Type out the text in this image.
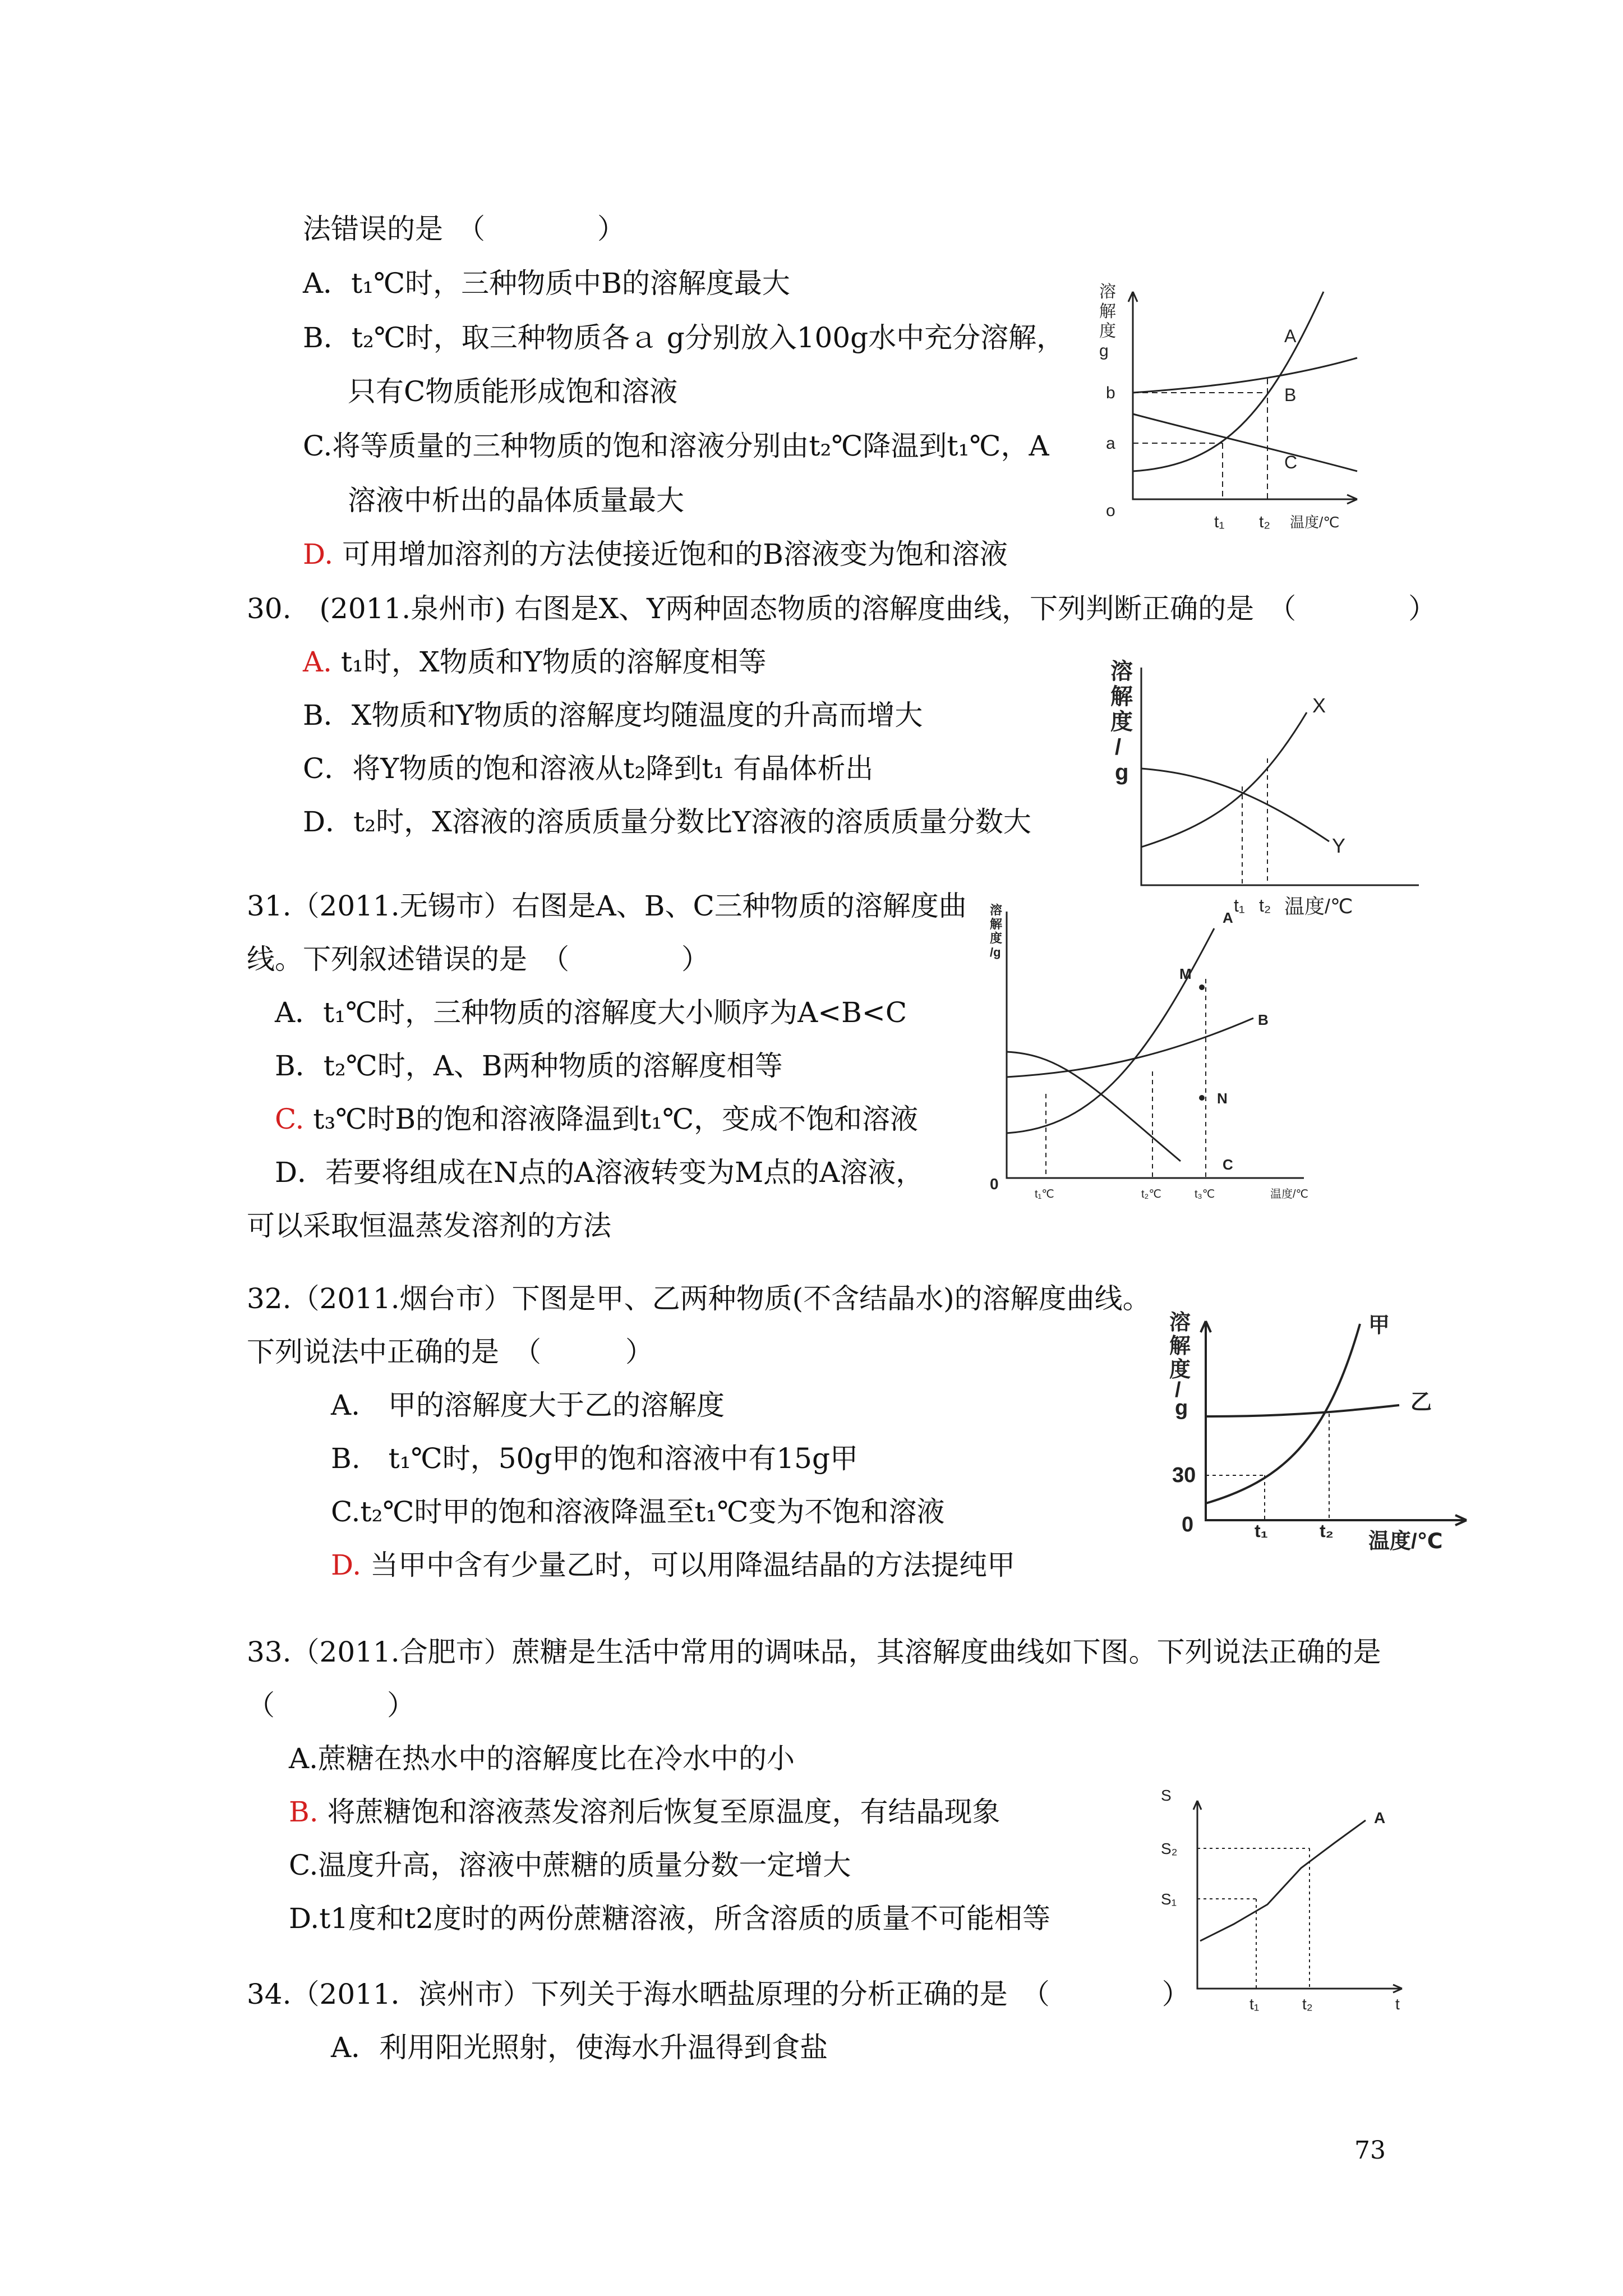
法错误的是　（　　　　）
A．t₁℃时，三种物质中B的溶解度最大
B．t₂℃时，取三种物质各ａ g分别放入100g水中充分溶解，
只有C物质能形成饱和溶液
C.将等质量的三种物质的饱和溶液分别由t₂℃降温到t₁℃，A
溶液中析出的晶体质量最大
D. 可用增加溶剂的方法使接近饱和的B溶液变为饱和溶液
溶
解
度
g
b
a
o
t₁ t₂ 温度/℃
A
B
C
30.　(2011.泉州市) 右图是X、Y两种固态物质的溶解度曲线，下列判断正确的是　（　　　　）
A. t₁时，X物质和Y物质的溶解度相等
B．X物质和Y物质的溶解度均随温度的升高而增大
C．将Y物质的饱和溶液从t₂降到t₁ 有晶体析出
D．t₂时，X溶液的溶质质量分数比Y溶液的溶质质量分数大
溶
解
度
/
g
t₁ t₂ 温度/℃
X
Y
31.（2011.无锡市）右图是A、B、C三种物质的溶解度曲
线。下列叙述错误的是　（　　　　）
A．t₁℃时，三种物质的溶解度大小顺序为A<B<C
B．t₂℃时，A、B两种物质的溶解度相等
C. t₃℃时B的饱和溶液降温到t₁℃，变成不饱和溶液
D．若要将组成在N点的A溶液转变为M点的A溶液，
可以采取恒温蒸发溶剂的方法
溶
解
度
/g
0
t₁℃	t₂℃	t₃℃	温度/℃
A
B
C
M
N
32.（2011.烟台市）下图是甲、乙两种物质(不含结晶水)的溶解度曲线。
下列说法中正确的是　（　　　）
A.　甲的溶解度大于乙的溶解度
B.　t₁℃时，50g甲的饱和溶液中有15g甲
C.t₂℃时甲的饱和溶液降温至t₁℃变为不饱和溶液
D. 当甲中含有少量乙时，可以用降温结晶的方法提纯甲
溶
解
度
/
g
30
0	t₁	t₂ 温度/℃
甲
乙
33.（2011.合肥市）蔗糖是生活中常用的调味品，其溶解度曲线如下图。下列说法正确的是
（　　　　）
A.蔗糖在热水中的溶解度比在冷水中的小
B. 将蔗糖饱和溶液蒸发溶剂后恢复至原温度，有结晶现象
C.温度升高，溶液中蔗糖的质量分数一定增大
D.t1度和t2度时的两份蔗糖溶液，所含溶质的质量不可能相等
S
S₂
S₁
t₁	t₂	t
A
34.（2011．滨州市）下列关于海水晒盐原理的分析正确的是　（　　　　）
A．利用阳光照射，使海水升温得到食盐
73
